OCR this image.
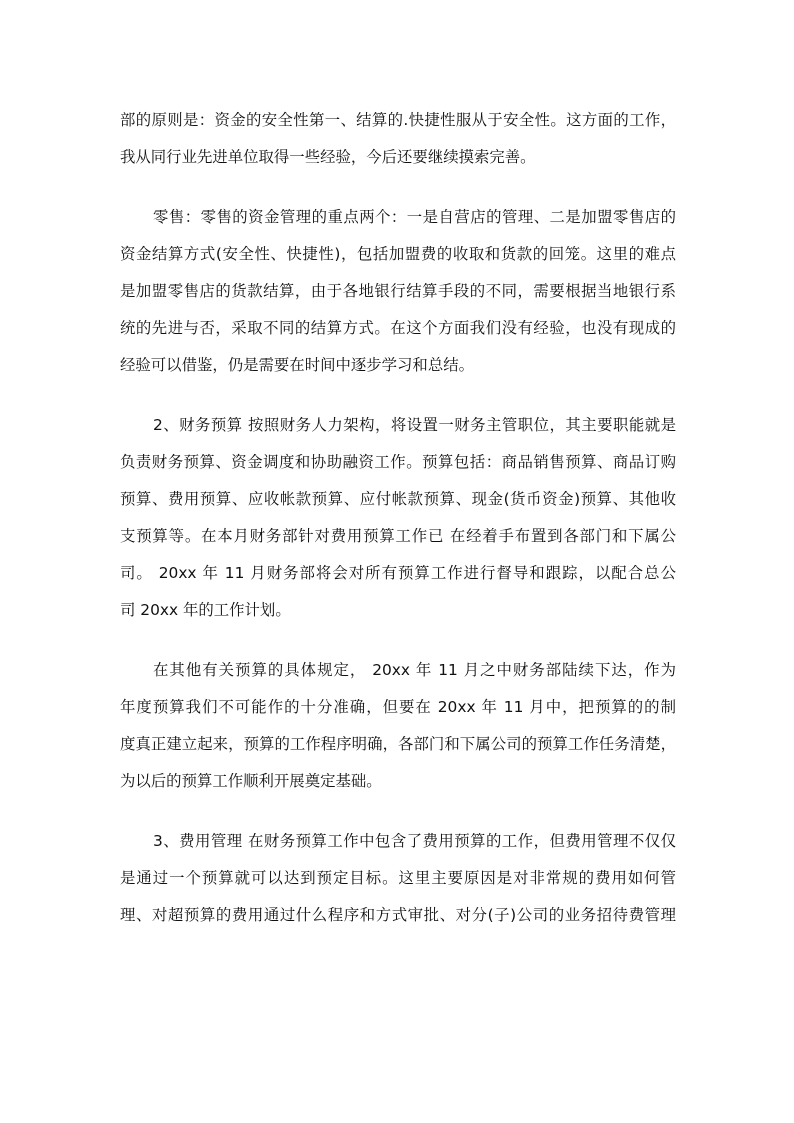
部的原则是：资金的安全性第一、结算的.快捷性服从于安全性。这方面的工作，
我从同行业先进单位取得一些经验，今后还要继续摸索完善。
零售：零售的资金管理的重点两个：一是自营店的管理、二是加盟零售店的
资金结算方式(安全性、快捷性)，包括加盟费的收取和货款的回笼。这里的难点
是加盟零售店的货款结算，由于各地银行结算手段的不同，需要根据当地银行系
统的先进与否，采取不同的结算方式。在这个方面我们没有经验，也没有现成的
经验可以借鉴，仍是需要在时间中逐步学习和总结。
2、财务预算 按照财务人力架构，将设置一财务主管职位，其主要职能就是
负责财务预算、资金调度和协助融资工作。预算包括：商品销售预算、商品订购
预算、费用预算、应收帐款预算、应付帐款预算、现金(货币资金)预算、其他收
支预算等。在本月财务部针对费用预算工作已 在经着手布置到各部门和下属公
司。 20xx 年 11 月财务部将会对所有预算工作进行督导和跟踪，以配合总公
司 20xx 年的工作计划。
在其他有关预算的具体规定， 20xx 年 11 月之中财务部陆续下达，作为
年度预算我们不可能作的十分准确，但要在 20xx 年 11 月中，把预算的的制
度真正建立起来，预算的工作程序明确，各部门和下属公司的预算工作任务清楚，
为以后的预算工作顺利开展奠定基础。
3、费用管理 在财务预算工作中包含了费用预算的工作，但费用管理不仅仅
是通过一个预算就可以达到预定目标。这里主要原因是对非常规的费用如何管
理、对超预算的费用通过什么程序和方式审批、对分(子)公司的业务招待费管理
